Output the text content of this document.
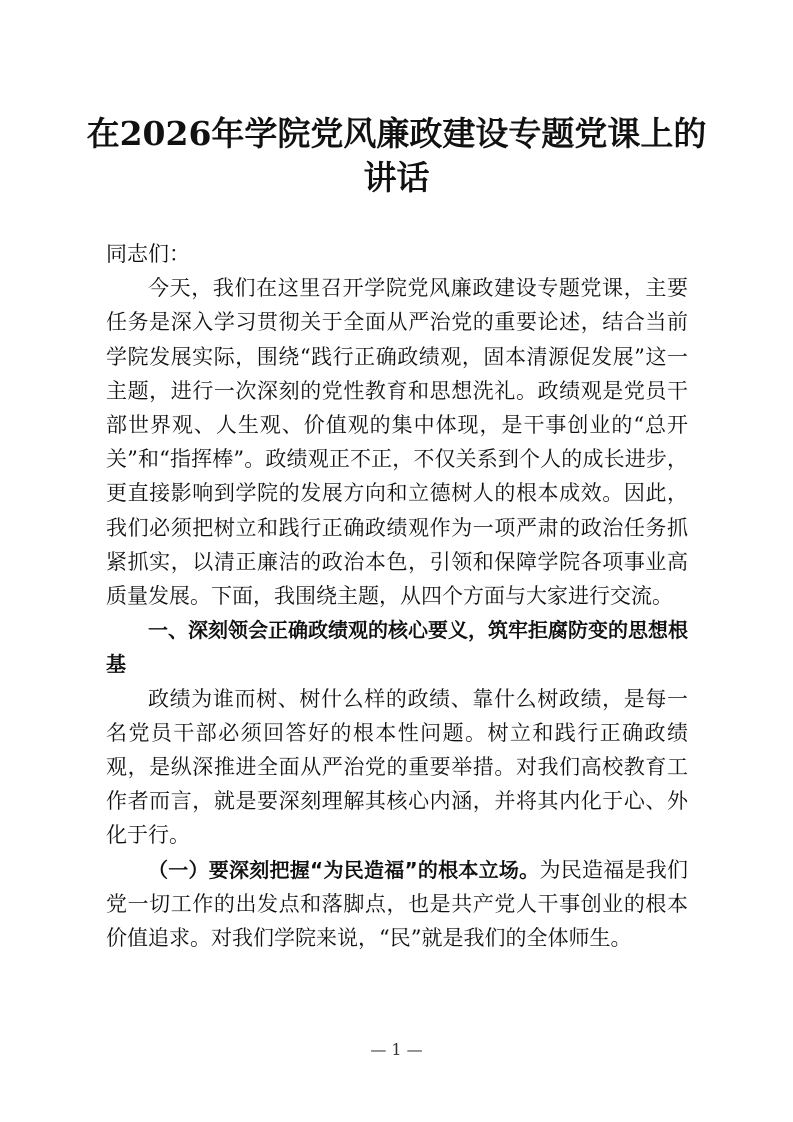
在2026年学院党风廉政建设专题党课上的讲话

同志们：

今天，我们在这里召开学院党风廉政建设专题党课，主要任务是深入学习贯彻关于全面从严治党的重要论述，结合当前学院发展实际，围绕“践行正确政绩观，固本清源促发展”这一主题，进行一次深刻的党性教育和思想洗礼。政绩观是党员干部世界观、人生观、价值观的集中体现，是干事创业的“总开关”和“指挥棒”。政绩观正不正，不仅关系到个人的成长进步，更直接影响到学院的发展方向和立德树人的根本成效。因此，我们必须把树立和践行正确政绩观作为一项严肃的政治任务抓紧抓实，以清正廉洁的政治本色，引领和保障学院各项事业高质量发展。下面，我围绕主题，从四个方面与大家进行交流。

一、深刻领会正确政绩观的核心要义，筑牢拒腐防变的思想根基

政绩为谁而树、树什么样的政绩、靠什么树政绩，是每一名党员干部必须回答好的根本性问题。树立和践行正确政绩观，是纵深推进全面从严治党的重要举措。对我们高校教育工作者而言，就是要深刻理解其核心内涵，并将其内化于心、外化于行。

（一）要深刻把握“为民造福”的根本立场。为民造福是我们党一切工作的出发点和落脚点，也是共产党人干事创业的根本价值追求。对我们学院来说，“民”就是我们的全体师生。

— 1 —
